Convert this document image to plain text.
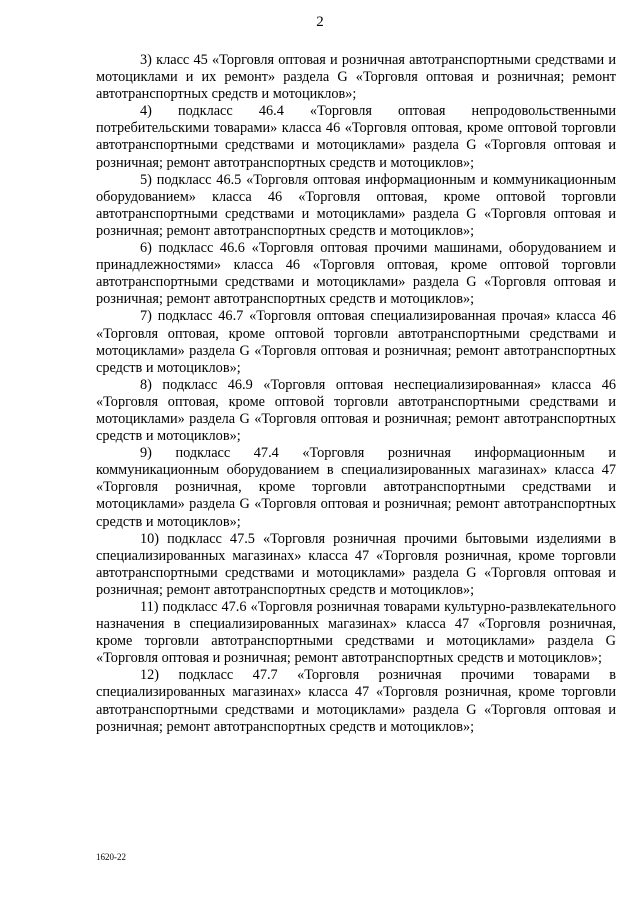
2

3) класс 45 «Торговля оптовая и розничная автотранспортными средствами и мотоциклами и их ремонт» раздела G «Торговля оптовая и розничная; ремонт автотранспортных средств и мотоциклов»;

4) подкласс 46.4 «Торговля оптовая непродовольственными потребительскими товарами» класса 46 «Торговля оптовая, кроме оптовой торговли автотранспортными средствами и мотоциклами» раздела G «Торговля оптовая и розничная; ремонт автотранспортных средств и мотоциклов»;

5) подкласс 46.5 «Торговля оптовая информационным и коммуникационным оборудованием» класса 46 «Торговля оптовая, кроме оптовой торговли автотранспортными средствами и мотоциклами» раздела G «Торговля оптовая и розничная; ремонт автотранспортных средств и мотоциклов»;

6) подкласс 46.6 «Торговля оптовая прочими машинами, оборудованием и принадлежностями» класса 46 «Торговля оптовая, кроме оптовой торговли автотранспортными средствами и мотоциклами» раздела G «Торговля оптовая и розничная; ремонт автотранспортных средств и мотоциклов»;

7) подкласс 46.7 «Торговля оптовая специализированная прочая» класса 46 «Торговля оптовая, кроме оптовой торговли автотранспортными средствами и мотоциклами» раздела G «Торговля оптовая и розничная; ремонт автотранспортных средств и мотоциклов»;

8) подкласс 46.9 «Торговля оптовая неспециализированная» класса 46 «Торговля оптовая, кроме оптовой торговли автотранспортными средствами и мотоциклами» раздела G «Торговля оптовая и розничная; ремонт автотранспортных средств и мотоциклов»;

9) подкласс 47.4 «Торговля розничная информационным и коммуникационным оборудованием в специализированных магазинах» класса 47 «Торговля розничная, кроме торговли автотранспортными средствами и мотоциклами» раздела G «Торговля оптовая и розничная; ремонт автотранспортных средств и мотоциклов»;

10) подкласс 47.5 «Торговля розничная прочими бытовыми изделиями в специализированных магазинах» класса 47 «Торговля розничная, кроме торговли автотранспортными средствами и мотоциклами» раздела G «Торговля оптовая и розничная; ремонт автотранспортных средств и мотоциклов»;

11) подкласс 47.6 «Торговля розничная товарами культурно-развлекательного назначения в специализированных магазинах» класса 47 «Торговля розничная, кроме торговли автотранспортными средствами и мотоциклами» раздела G «Торговля оптовая и розничная; ремонт автотранспортных средств и мотоциклов»;

12) подкласс 47.7 «Торговля розничная прочими товарами в специализированных магазинах» класса 47 «Торговля розничная, кроме торговли автотранспортными средствами и мотоциклами» раздела G «Торговля оптовая и розничная; ремонт автотранспортных средств и мотоциклов»;

1620-22
